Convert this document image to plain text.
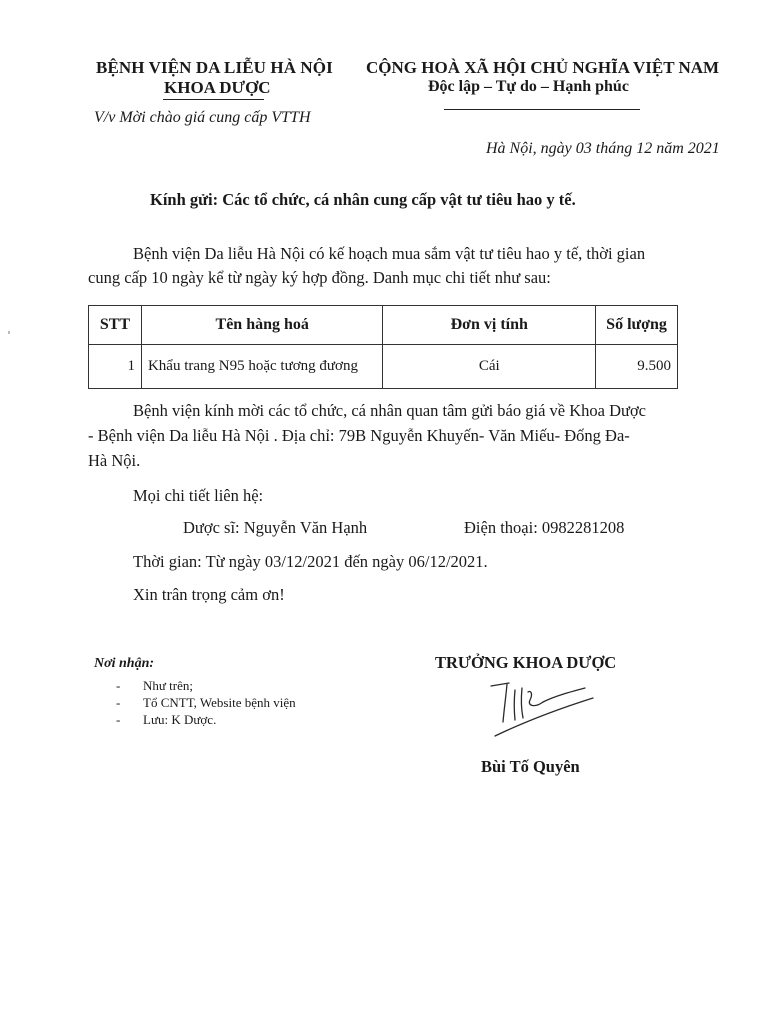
BỆNH VIỆN DA LIỄU HÀ NỘI
KHOA DƯỢC
V/v Mời chào giá cung cấp VTTH
CỘNG HOÀ XÃ HỘI CHỦ NGHĨA VIỆT NAM
Độc lập – Tự do – Hạnh phúc
Hà Nội, ngày 03 tháng 12 năm 2021
Kính gửi: Các tổ chức, cá nhân cung cấp vật tư tiêu hao y tế.
Bệnh viện Da liễu Hà Nội có kế hoạch mua sắm vật tư tiêu hao y tế, thời gian
cung cấp 10 ngày kể từ ngày ký hợp đồng. Danh mục chi tiết như sau:
STT	Tên hàng hoá	Đơn vị tính	Số lượng
1	Khẩu trang N95 hoặc tương đương	Cái	9.500
Bệnh viện kính mời các tổ chức, cá nhân quan tâm gửi báo giá về Khoa Dược
- Bệnh viện Da liễu Hà Nội . Địa chỉ: 79B Nguyễn Khuyến- Văn Miếu- Đống Đa-
Hà Nội.
Mọi chi tiết liên hệ:
Dược sĩ: Nguyễn Văn Hạnh	Điện thoại: 0982281208
Thời gian: Từ ngày 03/12/2021 đến ngày 06/12/2021.
Xin trân trọng cảm ơn!
Nơi nhận:
-	Như trên;
-	Tổ CNTT, Website bệnh viện
-	Lưu: K Dược.
TRƯỞNG KHOA DƯỢC
Bùi Tố Quyên
